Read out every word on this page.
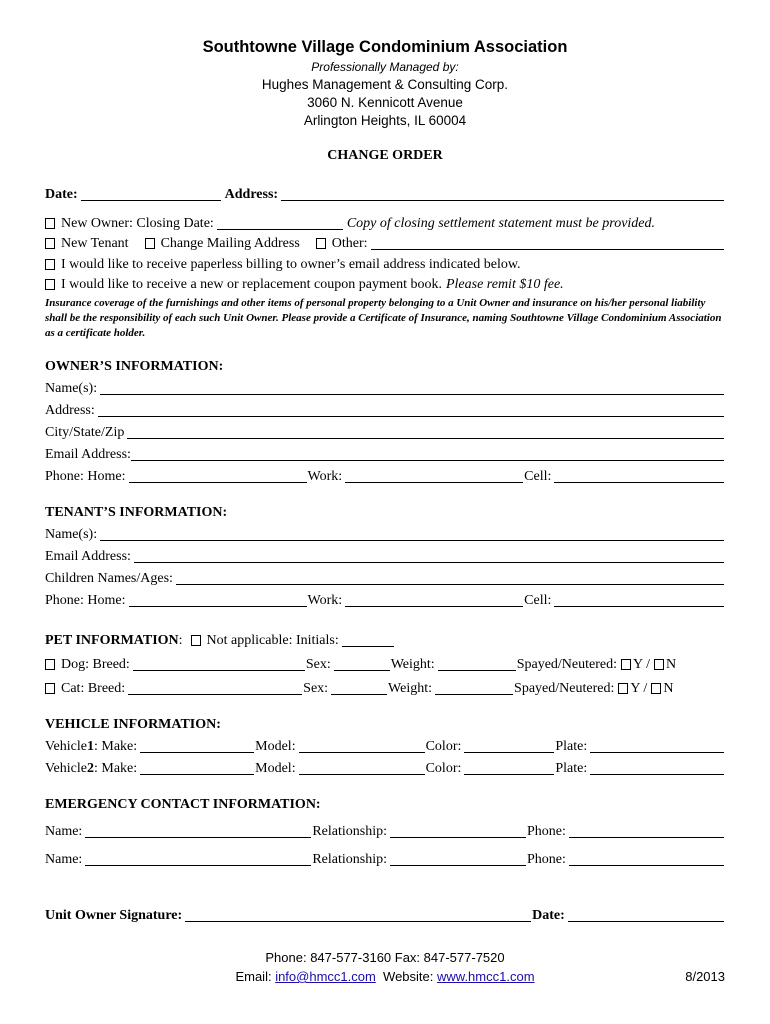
Southtowne Village Condominium Association
Professionally Managed by:
Hughes Management & Consulting Corp.
3060 N. Kennicott Avenue
Arlington Heights, IL 60004
CHANGE ORDER
Date:	Address:
New Owner: Closing Date:	Copy of closing settlement statement must be provided.
New Tenant Change Mailing Address Other:
I would like to receive paperless billing to owner’s email address indicated below.
I would like to receive a new or replacement coupon payment book. Please remit $10 fee.
Insurance coverage of the furnishings and other items of personal property belonging to a Unit Owner and insurance on his/her personal liability shall be the responsibility of each such Unit Owner. Please provide a Certificate of Insurance, naming Southtowne Village Condominium Association as a certificate holder.
OWNER’S INFORMATION:
Name(s):
Address:
City/State/Zip
Email Address:
Phone: Home:	Work:	Cell:
TENANT’S INFORMATION:
Name(s):
Email Address:
Children Names/Ages:
Phone: Home:	Work:	Cell:
PET INFORMATION : Not applicable: Initials:
Dog: Breed:	Sex:	Weight:	Spayed/Neutered: Y / N
Cat: Breed:	Sex:	Weight:	Spayed/Neutered: Y / N
VEHICLE INFORMATION:
Vehicle 1 : Make:	Model:	Color:	Plate:
Vehicle 2 : Make:	Model:	Color:	Plate:
EMERGENCY CONTACT INFORMATION:
Name:	Relationship:	Phone:
Name:	Relationship:	Phone:
Unit Owner Signature:	Date:
Phone: 847-577-3160 Fax: 847-577-7520
Email: info@hmcc1.com  Website: www.hmcc1.com	8/2013
